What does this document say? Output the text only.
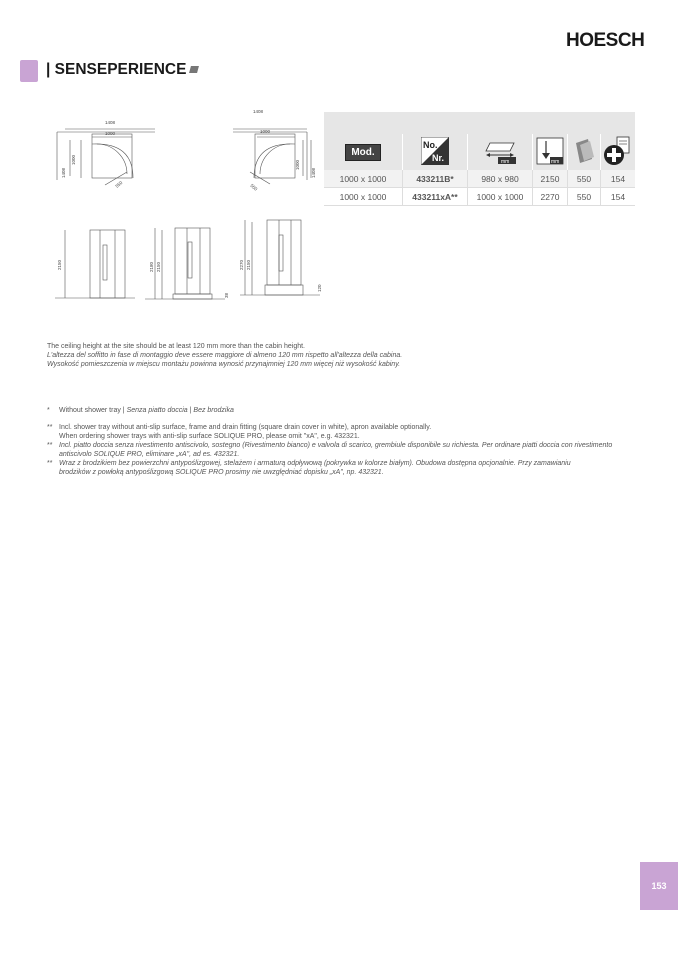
HOESCH
| SENSEPERIENCE
1408
1000
1000
1408
550
1408
1000
1000
1408
550
2150	2180 2150
38
2270 2150
120

Mod.	No.
Nr.	mm	mm

1000 x 1000	433211B*	980 x 980	2150	550	154
1000 x 1000	433211xA**	1000 x 1000	2270	550	154
The ceiling height at the site should be at least 120 mm more than the cabin height.
L'altezza del soffitto in fase di montaggio deve essere maggiore di almeno 120 mm rispetto all'altezza della cabina.
Wysokość pomieszczenia w miejscu montażu powinna wynosić przynajmniej 120 mm więcej niż wysokość kabiny.
* Without shower tray | Senza piatto doccia | Bez brodzika
** Incl. shower tray without anti-slip surface, frame and drain fitting (square drain cover in white), apron available optionally.
When ordering shower trays with anti-slip surface SOLIQUE PRO, please omit "xA", e.g. 432321.
** Incl. piatto doccia senza rivestimento antiscivolo, sostegno (Rivestimento bianco) e valvola di scarico, grembiule disponibile su richiesta. Per ordinare piatti doccia con rivestimento antiscivolo SOLIQUE PRO, eliminare „xA", ad es. 432321.
** Wraz z brodzikiem bez powierzchni antypoślizgowej, stelażem i armaturą odpływową (pokrywka w kolorze białym). Obudowa dostępna opcjonalnie. Przy zamawianiu brodzików z powłoką antypoślizgową SOLIQUE PRO prosimy nie uwzględniać dopisku „xA", np. 432321.
153
